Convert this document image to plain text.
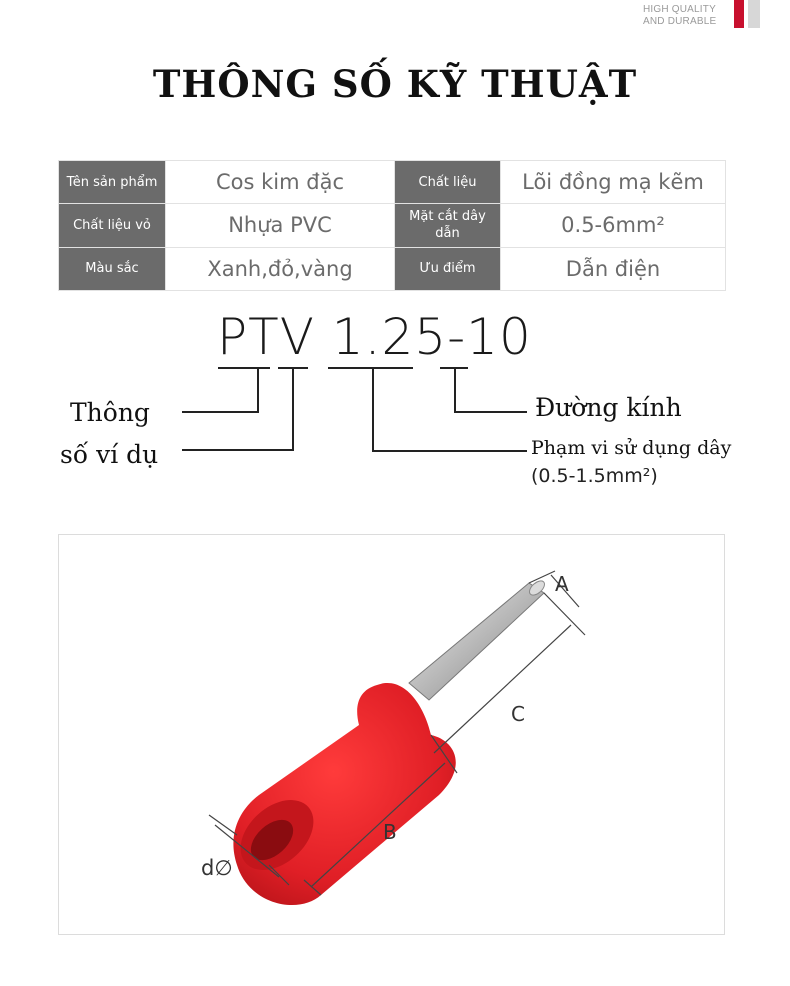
HIGH QUALITY
AND DURABLE
THÔNG SỐ KỸ THUẬT
Tên sản phẩm	Cos kim đặc	Chất liệu	Lõi đồng mạ kẽm
Chất liệu vỏ	Nhựa PVC	Mặt cắt dây dẫn	0.5-6mm²
Màu sắc	Xanh,đỏ,vàng	Ưu điểm	Dẫn điện
PTV 1.25-10
Thông
số ví dụ
Đường kính
Phạm vi sử dụng dây
(0.5-1.5mm²)
A
C
B
d∅
